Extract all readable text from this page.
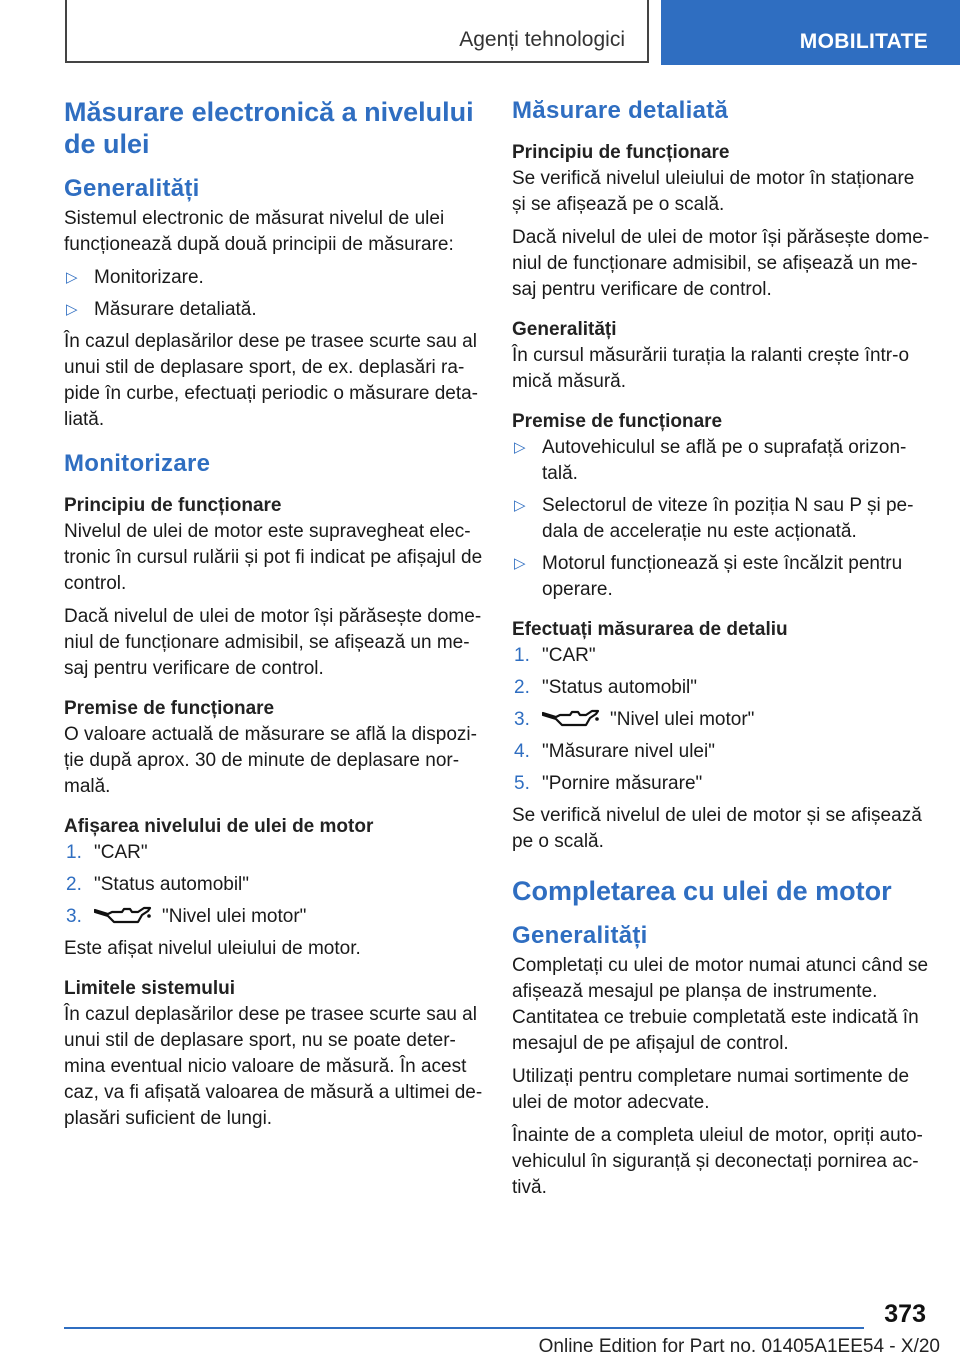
Agenți tehnologici	MOBILITATE
Măsurare electronică a nivelului de ulei
Generalități

Sistemul electronic de măsurat nivelul de ulei funcționează după două principii de măsurare:

▷ Monitorizare.
▷ Măsurare detaliată.

În cazul deplasărilor dese pe trasee scurte sau al unui stil de deplasare sport, de ex. deplasări ra-pide în curbe, efectuați periodic o măsurare deta-liată.

Monitorizare
Principiu de funcționare

Nivelul de ulei de motor este supravegheat elec-tronic în cursul rulării și pot fi indicat pe afișajul de control.

Dacă nivelul de ulei de motor își părăsește dome-niul de funcționare admisibil, se afișează un me-saj pentru verificare de control.

Premise de funcționare

O valoare actuală de măsurare se află la dispozi-ție după aprox. 30 de minute de deplasare nor-mală.

Afișarea nivelului de ulei de motor
1. "CAR"
2. "Status automobil"
3.	"Nivel ulei motor"

Este afișat nivelul uleiului de motor.

Limitele sistemului

În cazul deplasărilor dese pe trasee scurte sau al unui stil de deplasare sport, nu se poate deter-mina eventual nicio valoare de măsură. În acest caz, va fi afișată valoarea de măsură a ultimei de-plasări suficient de lungi.

Măsurare detaliată
Principiu de funcționare

Se verifică nivelul uleiului de motor în staționare și se afișează pe o scală.

Dacă nivelul de ulei de motor își părăsește dome-niul de funcționare admisibil, se afișează un me-saj pentru verificare de control.

Generalități

În cursul măsurării turația la ralanti crește într-o mică măsură.

Premise de funcționare
▷ Autovehiculul se află pe o suprafață orizon-tală.
▷ Selectorul de viteze în poziția N sau P și pe-dala de accelerație nu este acționată.
▷ Motorul funcționează și este încălzit pentru operare.
Efectuați măsurarea de detaliu
1. "CAR"
2. "Status automobil"
3.	"Nivel ulei motor"
4. "Măsurare nivel ulei"
5. "Pornire măsurare"

Se verifică nivelul de ulei de motor și se afișează pe o scală.

Completarea cu ulei de motor
Generalități

Completați cu ulei de motor numai atunci când se afișează mesajul pe planșa de instrumente. Cantitatea ce trebuie completată este indicată în mesajul de pe afișajul de control.

Utilizați pentru completare numai sortimente de ulei de motor adecvate.

Înainte de a completa uleiul de motor, opriți auto-vehiculul în siguranță și deconectați pornirea ac-tivă.

373
Online Edition for Part no. 01405A1EE54 - X/20
